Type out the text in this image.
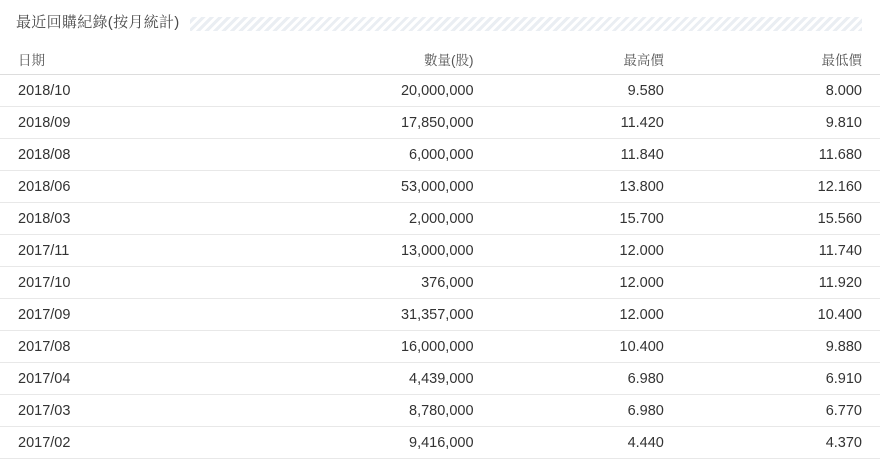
最近回購紀錄(按月統計)
日期	數量(股)	最高價	最低價
2018/10	20,000,000	9.580	8.000
2018/09	17,850,000	11.420	9.810
2018/08	6,000,000	11.840	11.680
2018/06	53,000,000	13.800	12.160
2018/03	2,000,000	15.700	15.560
2017/11	13,000,000	12.000	11.740
2017/10	376,000	12.000	11.920
2017/09	31,357,000	12.000	10.400
2017/08	16,000,000	10.400	9.880
2017/04	4,439,000	6.980	6.910
2017/03	8,780,000	6.980	6.770
2017/02	9,416,000	4.440	4.370
